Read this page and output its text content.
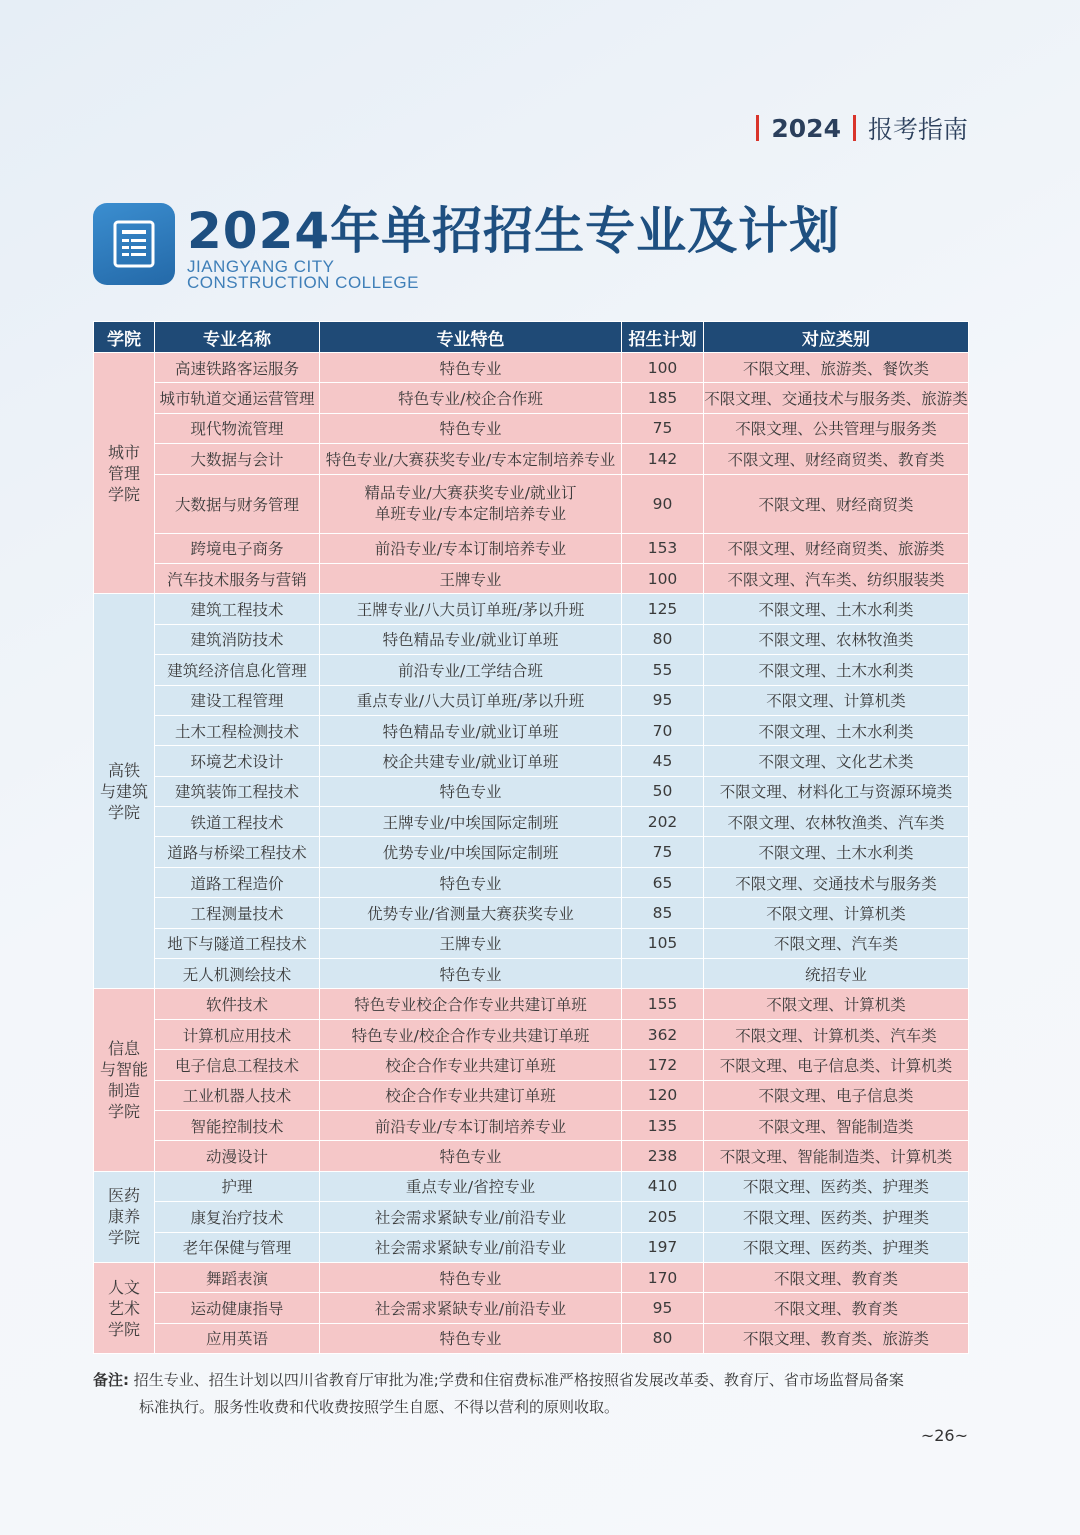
2024 报考指南
2024年单招招生专业及计划
JIANGYANG CITY
CONSTRUCTION COLLEGE
学院	专业名称	专业特色	招生计划	对应类别
城市
管理
学院	高速铁路客运服务	特色专业	100	不限文理、旅游类、餐饮类
	城市轨道交通运营管理	特色专业/校企合作班	185	不限文理、交通技术与服务类、旅游类
	现代物流管理	特色专业	75	不限文理、公共管理与服务类
	大数据与会计	特色专业/大赛获奖专业/专本定制培养专业	142	不限文理、财经商贸类、教育类
	大数据与财务管理	精品专业/大赛获奖专业/就业订单班专业/专本定制培养专业	90	不限文理、财经商贸类
	跨境电子商务	前沿专业/专本订制培养专业	153	不限文理、财经商贸类、旅游类
	汽车技术服务与营销	王牌专业	100	不限文理、汽车类、纺织服装类
高铁
与建筑
学院	建筑工程技术	王牌专业/八大员订单班/茅以升班	125	不限文理、土木水利类
	建筑消防技术	特色精品专业/就业订单班	80	不限文理、农林牧渔类
	建筑经济信息化管理	前沿专业/工学结合班	55	不限文理、土木水利类
	建设工程管理	重点专业/八大员订单班/茅以升班	95	不限文理、计算机类
	土木工程检测技术	特色精品专业/就业订单班	70	不限文理、土木水利类
	环境艺术设计	校企共建专业/就业订单班	45	不限文理、文化艺术类
	建筑装饰工程技术	特色专业	50	不限文理、材料化工与资源环境类
	铁道工程技术	王牌专业/中埃国际定制班	202	不限文理、农林牧渔类、汽车类
	道路与桥梁工程技术	优势专业/中埃国际定制班	75	不限文理、土木水利类
	道路工程造价	特色专业	65	不限文理、交通技术与服务类
	工程测量技术	优势专业/省测量大赛获奖专业	85	不限文理、计算机类
	地下与隧道工程技术	王牌专业	105	不限文理、汽车类
	无人机测绘技术	特色专业		统招专业
信息
与智能
制造
学院	软件技术	特色专业校企合作专业共建订单班	155	不限文理、计算机类
	计算机应用技术	特色专业/校企合作专业共建订单班	362	不限文理、计算机类、汽车类
	电子信息工程技术	校企合作专业共建订单班	172	不限文理、电子信息类、计算机类
	工业机器人技术	校企合作专业共建订单班	120	不限文理、电子信息类
	智能控制技术	前沿专业/专本订制培养专业	135	不限文理、智能制造类
	动漫设计	特色专业	238	不限文理、智能制造类、计算机类
医药
康养
学院	护理	重点专业/省控专业	410	不限文理、医药类、护理类
	康复治疗技术	社会需求紧缺专业/前沿专业	205	不限文理、医药类、护理类
	老年保健与管理	社会需求紧缺专业/前沿专业	197	不限文理、医药类、护理类
人文
艺术
学院	舞蹈表演	特色专业	170	不限文理、教育类
	运动健康指导	社会需求紧缺专业/前沿专业	95	不限文理、教育类
	应用英语	特色专业	80	不限文理、教育类、旅游类
备注: 招生专业、招生计划以四川省教育厅审批为准;学费和住宿费标准严格按照省发展改革委、教育厅、省市场监督局备案
标准执行。服务性收费和代收费按照学生自愿、不得以营利的原则收取。
~26~
